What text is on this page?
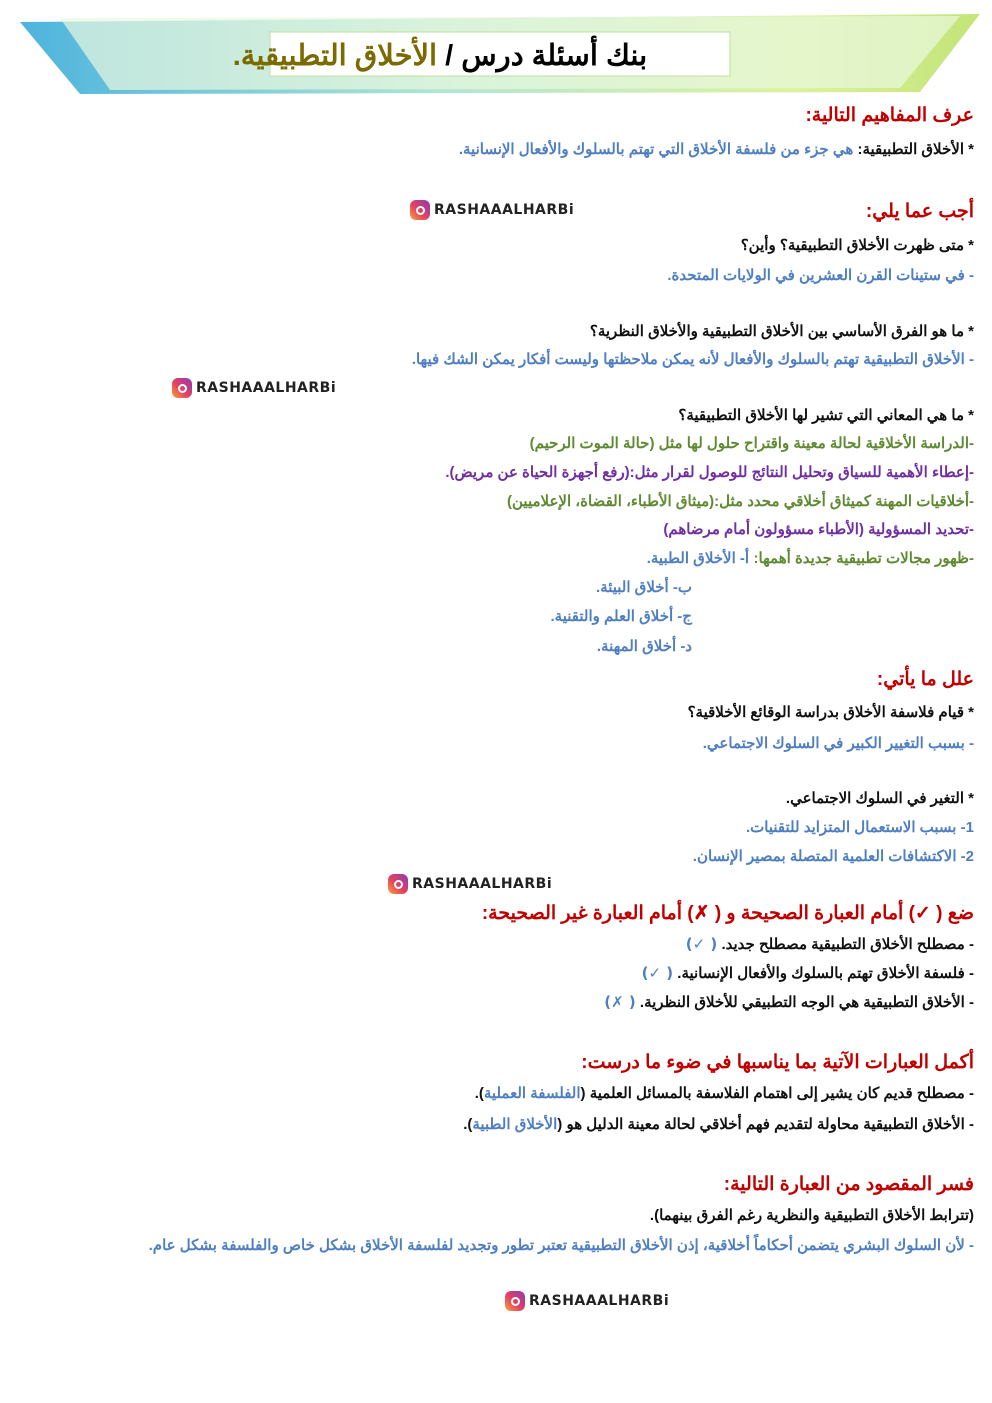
بنك أسئلة درس / الأخلاق التطبيقية.
عرف المفاهيم التالية:
* الأخلاق التطبيقية: هي جزء من فلسفة الأخلاق التي تهتم بالسلوك والأفعال الإنسانية.
RASHAAALHARBi	أجب عما يلي:
* متى ظهرت الأخلاق التطبيقية؟ وأين؟
- في ستينات القرن العشرين في الولايات المتحدة.
* ما هو الفرق الأساسي بين الأخلاق التطبيقية والأخلاق النظرية؟
- الأخلاق التطبيقية تهتم بالسلوك والأفعال لأنه يمكن ملاحظتها وليست أفكار يمكن الشك فيها.
RASHAAALHARBi
* ما هي المعاني التي تشير لها الأخلاق التطبيقية؟
-الدراسة الأخلاقية لحالة معينة واقتراح حلول لها مثل (حالة الموت الرحيم)
-إعطاء الأهمية للسياق وتحليل النتائج للوصول لقرار مثل:(رفع أجهزة الحياة عن مريض).
-أخلاقيات المهنة كميثاق أخلاقي محدد مثل:(ميثاق الأطباء، القضاة، الإعلاميين)
-تحديد المسؤولية (الأطباء مسؤولون أمام مرضاهم)
-ظهور مجالات تطبيقية جديدة أهمها: أ- الأخلاق الطبية.
ب- أخلاق البيئة.
ج- أخلاق العلم والتقنية.
د- أخلاق المهنة.
علل ما يأتي:
* قيام فلاسفة الأخلاق بدراسة الوقائع الأخلاقية؟
- بسبب التغيير الكبير في السلوك الاجتماعي.
* التغير في السلوك الاجتماعي.
1- بسبب الاستعمال المتزايد للتقنيات.
2- الاكتشافات العلمية المتصلة بمصير الإنسان.
RASHAAALHARBi
ضع ( ✓) أمام العبارة الصحيحة و ( ✗) أمام العبارة غير الصحيحة:
- مصطلح الأخلاق التطبيقية مصطلح جديد. ( ✓)
- فلسفة الأخلاق تهتم بالسلوك والأفعال الإنسانية. ( ✓)
- الأخلاق التطبيقية هي الوجه التطبيقي للأخلاق النظرية. ( ✗)
أكمل العبارات الآتية بما يناسبها في ضوء ما درست:
- مصطلح قديم كان يشير إلى اهتمام الفلاسفة بالمسائل العلمية (الفلسفة العملية).
- الأخلاق التطبيقية محاولة لتقديم فهم أخلاقي لحالة معينة الدليل هو (الأخلاق الطبية).
فسر المقصود من العبارة التالية:
(تترابط الأخلاق التطبيقية والنظرية رغم الفرق بينهما).
- لأن السلوك البشري يتضمن أحكاماً أخلاقية، إذن الأخلاق التطبيقية تعتبر تطور وتجديد لفلسفة الأخلاق بشكل خاص والفلسفة بشكل عام.
RASHAAALHARBi
